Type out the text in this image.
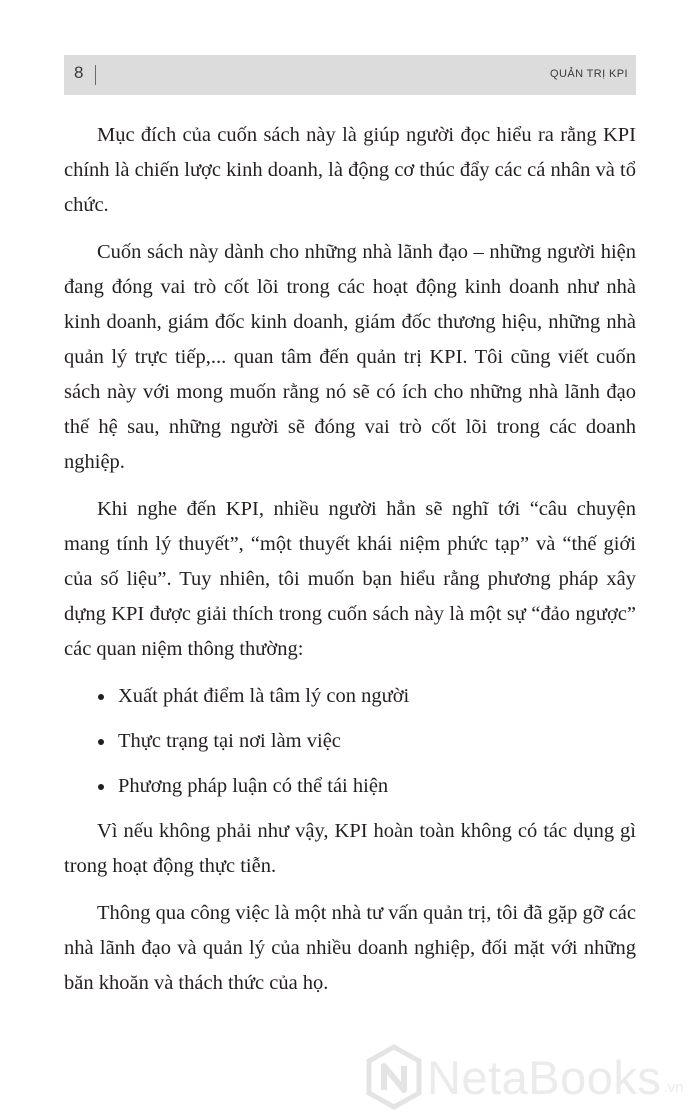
8	QUẢN TRỊ KPI

Mục đích của cuốn sách này là giúp người đọc hiểu ra rằng KPI chính là chiến lược kinh doanh, là động cơ thúc đẩy các cá nhân và tổ chức.

Cuốn sách này dành cho những nhà lãnh đạo – những người hiện đang đóng vai trò cốt lõi trong các hoạt động kinh doanh như nhà kinh doanh, giám đốc kinh doanh, giám đốc thương hiệu, những nhà quản lý trực tiếp,... quan tâm đến quản trị KPI. Tôi cũng viết cuốn sách này với mong muốn rằng nó sẽ có ích cho những nhà lãnh đạo thế hệ sau, những người sẽ đóng vai trò cốt lõi trong các doanh nghiệp.

Khi nghe đến KPI, nhiều người hẳn sẽ nghĩ tới “câu chuyện mang tính lý thuyết”, “một thuyết khái niệm phức tạp” và “thế giới của số liệu”. Tuy nhiên, tôi muốn bạn hiểu rằng phương pháp xây dựng KPI được giải thích trong cuốn sách này là một sự “đảo ngược” các quan niệm thông thường:

Xuất phát điểm là tâm lý con người
Thực trạng tại nơi làm việc
Phương pháp luận có thể tái hiện

Vì nếu không phải như vậy, KPI hoàn toàn không có tác dụng gì trong hoạt động thực tiễn.

Thông qua công việc là một nhà tư vấn quản trị, tôi đã gặp gỡ các nhà lãnh đạo và quản lý của nhiều doanh nghiệp, đối mặt với những băn khoăn và thách thức của họ.

NetaBooks .vn
